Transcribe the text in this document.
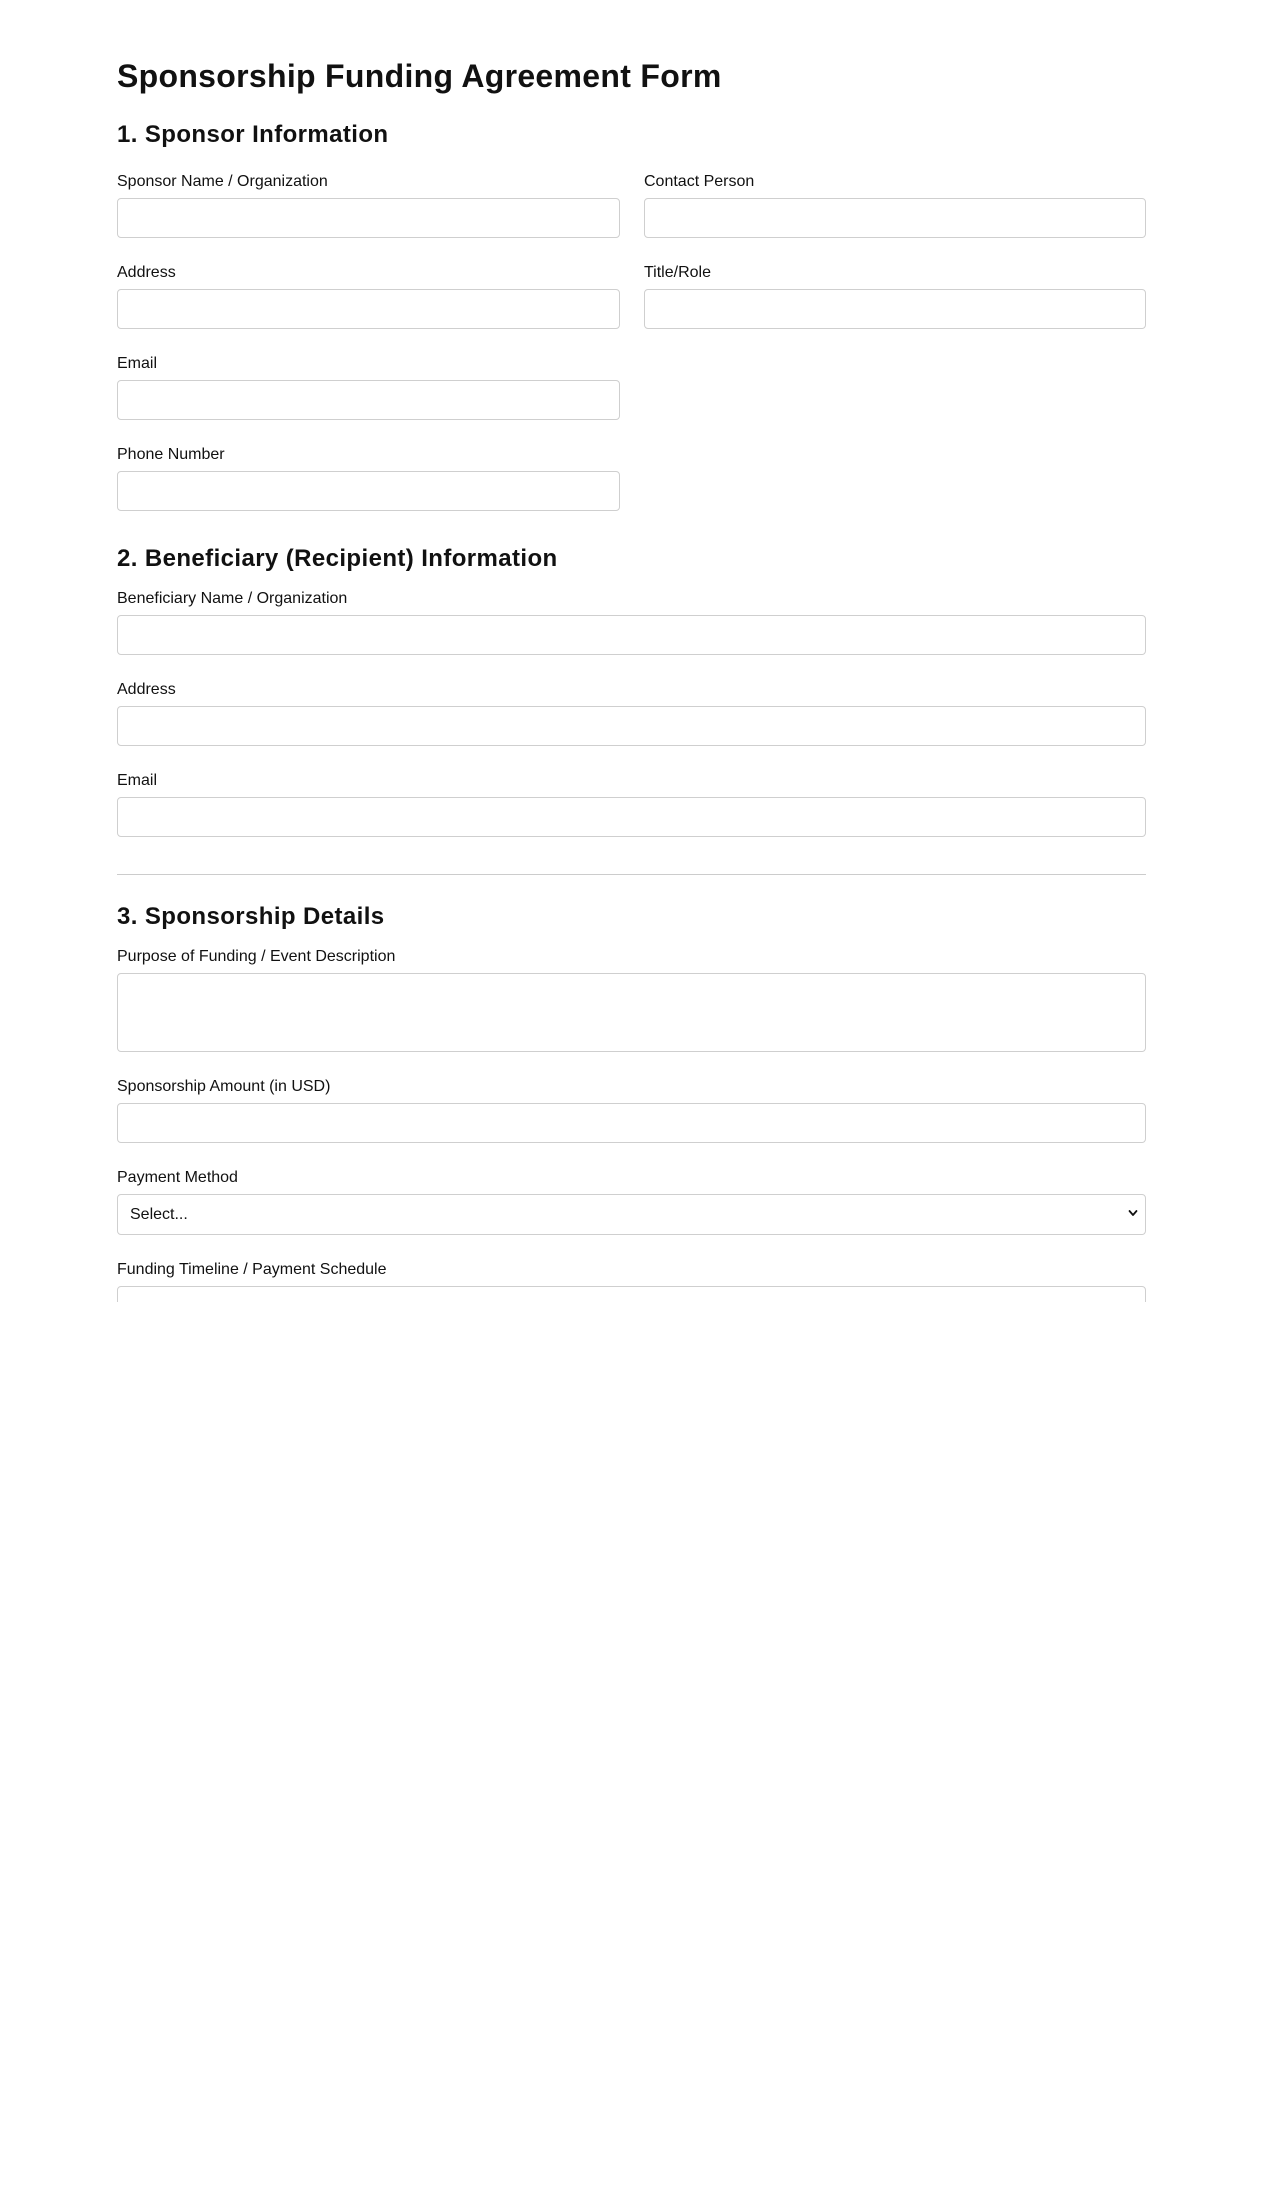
Sponsorship Funding Agreement Form
1. Sponsor Information
Sponsor Name / Organization	Contact Person
Address	Title/Role
Email
Phone Number
2. Beneficiary (Recipient) Information
Beneficiary Name / Organization
Address
Email
3. Sponsorship Details
Purpose of Funding / Event Description
Sponsorship Amount (in USD)
Payment Method
Select...
Funding Timeline / Payment Schedule
